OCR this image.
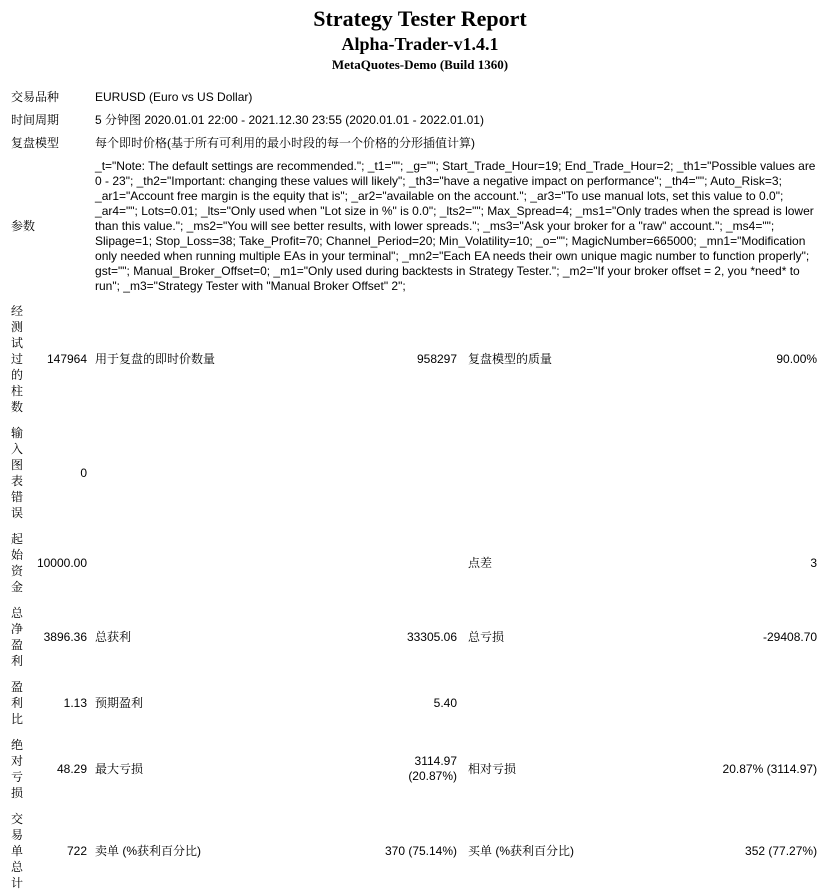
Strategy Tester Report
Alpha-Trader-v1.4.1
MetaQuotes-Demo (Build 1360)
交易品种		EURUSD (Euro vs US Dollar)			
时间周期		5 分钟图 2020.01.01 22:00 - 2021.12.30 23:55 (2020.01.01 - 2022.01.01)			
复盘模型		每个即时价格(基于所有可利用的最小时段的每一个价格的分形插值计算)			
参数		_t="Note: The default settings are recommended."; _t1=""; _g=""; Start_Trade_Hour=19; End_Trade_Hour=2; _th1="Possible values are 0 - 23"; _th2="Important: changing these values will likely"; _th3="have a negative impact on performance"; _th4=""; Auto_Risk=3; _ar1="Account free margin is the equity that is"; _ar2="available on the account."; _ar3="To use manual lots, set this value to 0.0"; _ar4=""; Lots=0.01; _lts="Only used when "Lot size in %" is 0.0"; _lts2=""; Max_Spread=4; _ms1="Only trades when the spread is lower than this value."; _ms2="You will see better results, with lower spreads."; _ms3="Ask your broker for a "raw" account."; _ms4=""; Slipage=1; Stop_Loss=38; Take_Profit=70; Channel_Period=20; Min_Volatility=10; _o=""; MagicNumber=665000; _mn1="Modification only needed when running multiple EAs in your terminal"; _mn2="Each EA needs their own unique magic number to function properly"; gst=""; Manual_Broker_Offset=0; _m1="Only used during backtests in Strategy Tester."; _m2="If your broker offset = 2, you *need* to run"; _m3="Strategy Tester with "Manual Broker Offset" 2";			

经测试过的柱数	147964	用于复盘的即时价数量	958297	复盘模型的质量	90.00%

输入图表错误	0				

起始资金	10000.00			点差	3

总净盈利	3896.36	总获利	33305.06	总亏损	-29408.70

盈利比	1.13	预期盈利	5.40		

绝对亏损	48.29	最大亏损	3114.97 (20.87%)	相对亏损	20.87% (3114.97)

交易单总计	722	卖单 (%获利百分比)	370 (75.14%)	买单 (%获利百分比)	352 (77.27%)
